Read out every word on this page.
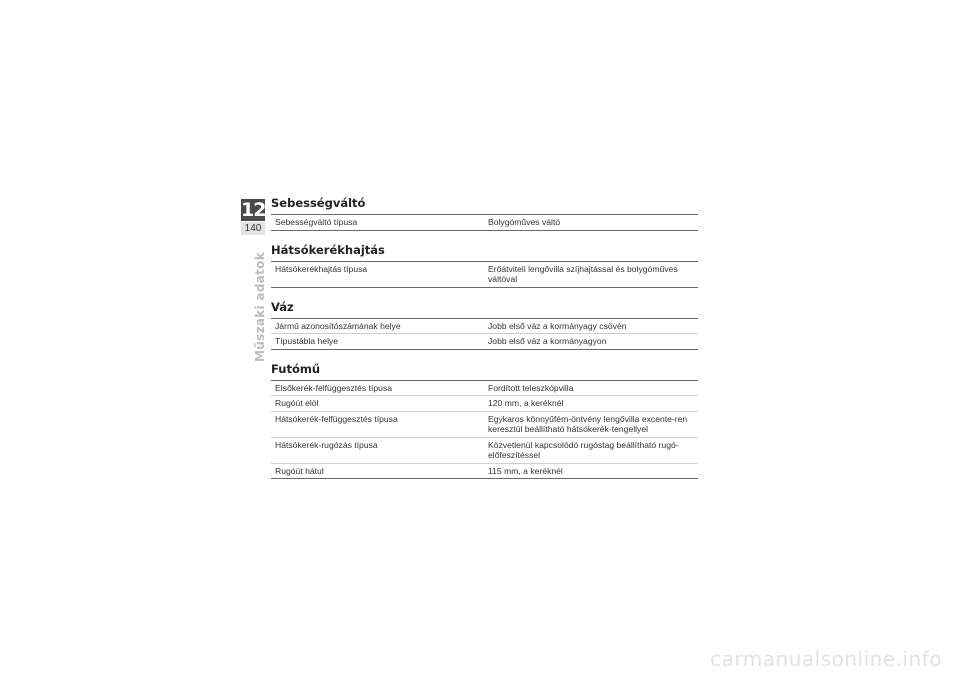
12
140
Műszaki adatok
Sebességváltó
Sebességváltó típusa	Bolygóműves váltó
Hátsókerékhajtás
Hátsókerékhajtás típusa	Erőátviteli lengővilla szíjhajtással és bolygóműves váltóval
Váz
Jármű azonosítószámának helye	Jobb első váz a kormányagy csövén
Típustábla helye	Jobb első váz a kormányagyon
Futómű
Elsőkerék-felfüggesztés típusa	Fordított teleszkópvilla
Rugóút elöl	120 mm, a keréknél
Hátsókerék-felfüggesztés típusa	Egykaros könnyűfém-öntvény lengővilla excente-ren keresztül beállítható hátsókerék-tengellyel
Hátsókerék-rugózás típusa	Közvetlenül kapcsolódó rugóstag beállítható rugó-előfeszítéssel
Rugóút hátul	115 mm, a keréknél
carmanualsonline.info
